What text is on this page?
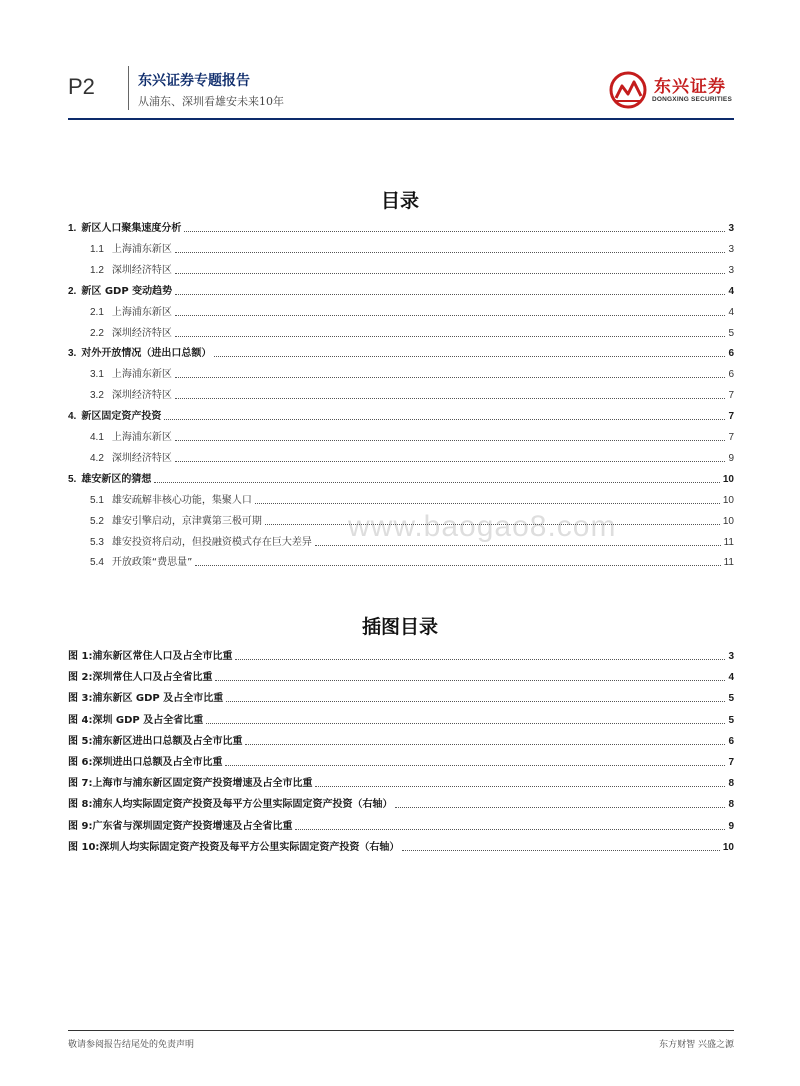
P2	东兴证券专题报告
从浦东、深圳看雄安未来10年
东兴证券
DONGXING SECURITIES
www.baogao8.com
目录
1. 新区人口聚集速度分析	3
1.1 上海浦东新区	3
1.2 深圳经济特区	3
2. 新区 GDP 变动趋势	4
2.1 上海浦东新区	4
2.2 深圳经济特区	5
3. 对外开放情况（进出口总额）	6
3.1 上海浦东新区	6
3.2 深圳经济特区	7
4. 新区固定资产投资	7
4.1 上海浦东新区	7
4.2 深圳经济特区	9
5. 雄安新区的猜想	10
5.1 雄安疏解非核心功能，集聚人口	10
5.2 雄安引擎启动，京津冀第三极可期	10
5.3 雄安投资将启动，但投融资模式存在巨大差异	11
5.4 开放政策“费思量”	11
插图目录
图 1:浦东新区常住人口及占全市比重	3
图 2:深圳常住人口及占全省比重	4
图 3:浦东新区 GDP 及占全市比重	5
图 4:深圳 GDP 及占全省比重	5
图 5:浦东新区进出口总额及占全市比重	6
图 6:深圳进出口总额及占全市比重	7
图 7:上海市与浦东新区固定资产投资增速及占全市比重	8
图 8:浦东人均实际固定资产投资及每平方公里实际固定资产投资（右轴）	8
图 9:广东省与深圳固定资产投资增速及占全省比重	9
图 10:深圳人均实际固定资产投资及每平方公里实际固定资产投资（右轴）	10
敬请参阅报告结尾处的免责声明	东方财智 兴盛之源
